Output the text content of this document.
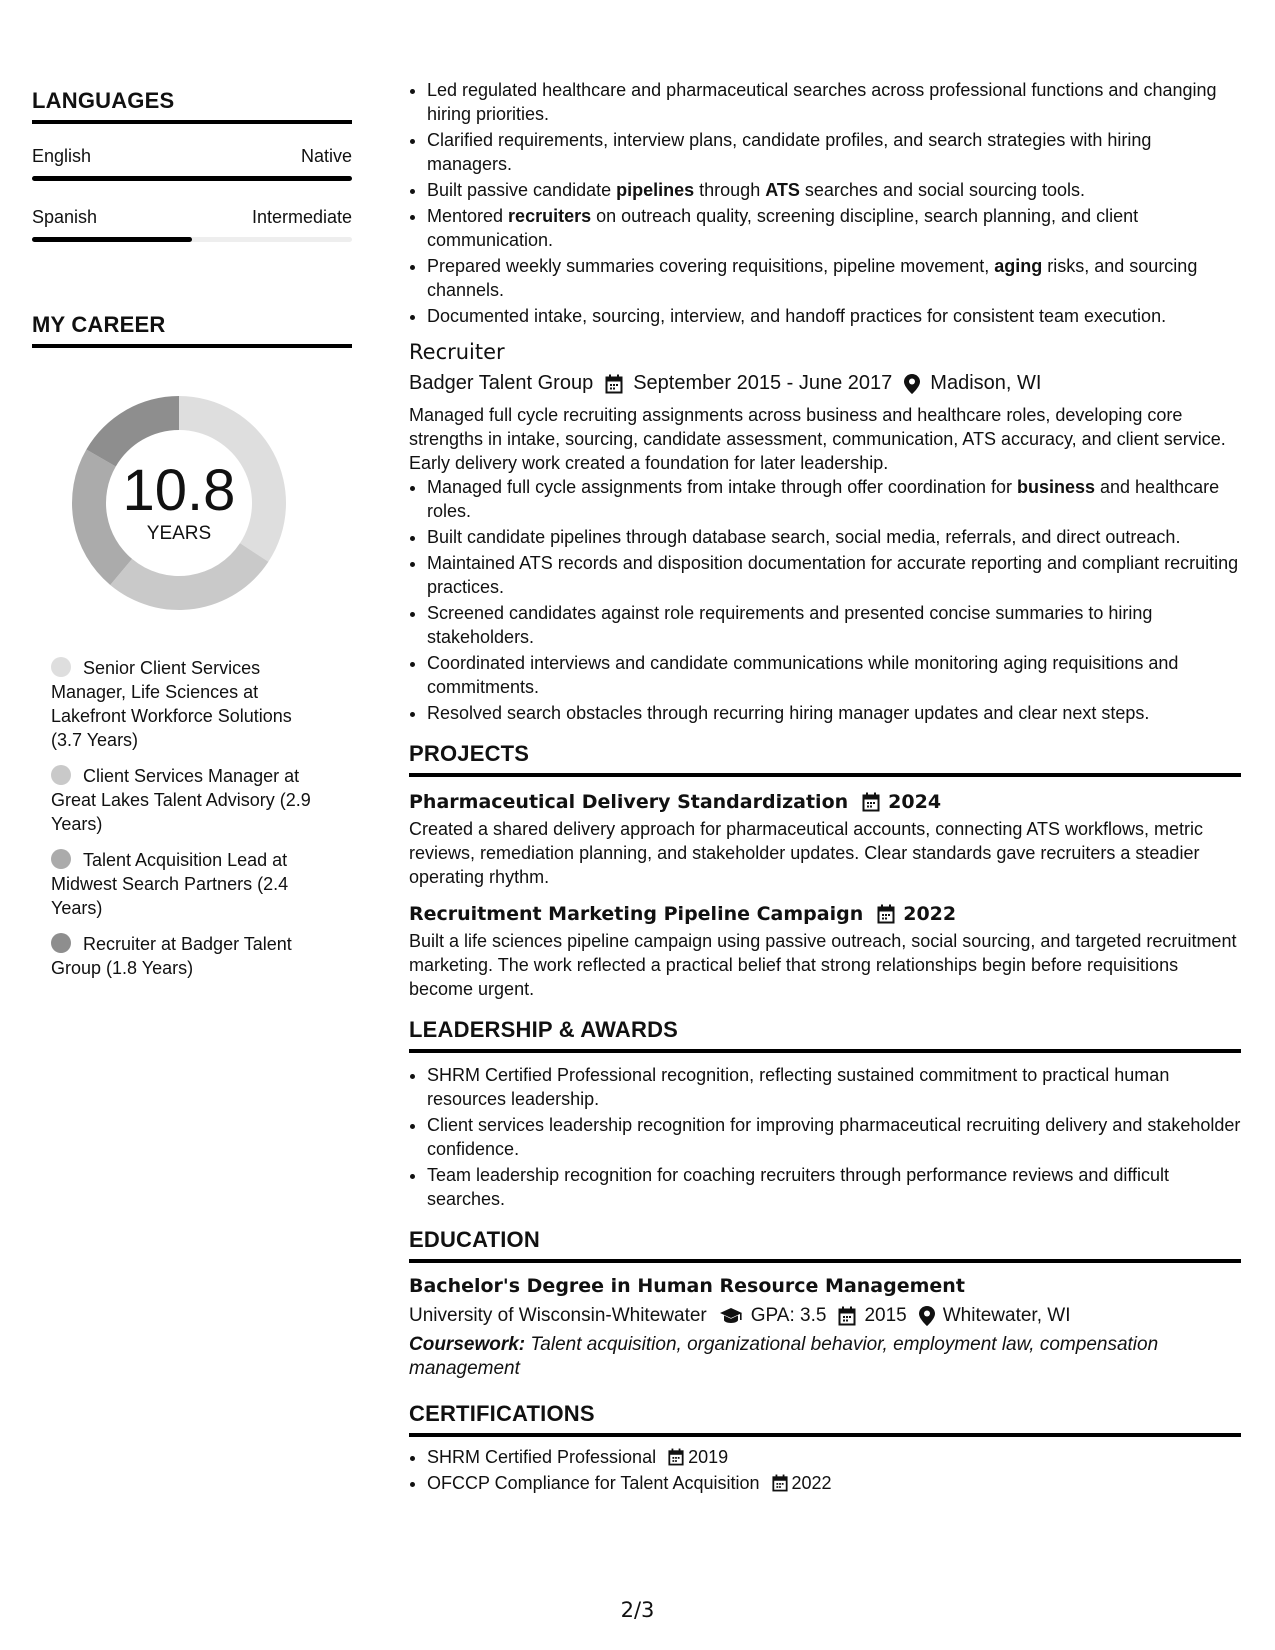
LANGUAGES
English	Native
Spanish	Intermediate
MY CAREER
10.8
YEARS
Senior Client Services Manager, Life Sciences at Lakefront Workforce Solutions (3.7 Years)
Client Services Manager at Great Lakes Talent Advisory (2.9 Years)
Talent Acquisition Lead at Midwest Search Partners (2.4 Years)
Recruiter at Badger Talent Group (1.8 Years)
• Led regulated healthcare and pharmaceutical searches across professional functions and changing hiring priorities.
• Clarified requirements, interview plans, candidate profiles, and search strategies with hiring managers.
• Built passive candidate pipelines through ATS searches and social sourcing tools.
• Mentored recruiters on outreach quality, screening discipline, search planning, and client communication.
• Prepared weekly summaries covering requisitions, pipeline movement, aging risks, and sourcing channels.
• Documented intake, sourcing, interview, and handoff practices for consistent team execution.
Recruiter
Badger Talent Group September 2015 - June 2017 Madison, WI
Managed full cycle recruiting assignments across business and healthcare roles, developing core strengths in intake, sourcing, candidate assessment, communication, ATS accuracy, and client service. Early delivery work created a foundation for later leadership.
• Managed full cycle assignments from intake through offer coordination for business and healthcare roles.
• Built candidate pipelines through database search, social media, referrals, and direct outreach.
• Maintained ATS records and disposition documentation for accurate reporting and compliant recruiting practices.
• Screened candidates against role requirements and presented concise summaries to hiring stakeholders.
• Coordinated interviews and candidate communications while monitoring aging requisitions and commitments.
• Resolved search obstacles through recurring hiring manager updates and clear next steps.
PROJECTS
Pharmaceutical Delivery Standardization 2024
Created a shared delivery approach for pharmaceutical accounts, connecting ATS workflows, metric reviews, remediation planning, and stakeholder updates. Clear standards gave recruiters a steadier operating rhythm.
Recruitment Marketing Pipeline Campaign 2022
Built a life sciences pipeline campaign using passive outreach, social sourcing, and targeted recruitment marketing. The work reflected a practical belief that strong relationships begin before requisitions become urgent.
LEADERSHIP & AWARDS
• SHRM Certified Professional recognition, reflecting sustained commitment to practical human resources leadership.
• Client services leadership recognition for improving pharmaceutical recruiting delivery and stakeholder confidence.
• Team leadership recognition for coaching recruiters through performance reviews and difficult searches.
EDUCATION
Bachelor's Degree in Human Resource Management
University of Wisconsin-Whitewater GPA: 3.5 2015 Whitewater, WI
Coursework: Talent acquisition, organizational behavior, employment law, compensation management
CERTIFICATIONS
• SHRM Certified Professional 2019
• OFCCP Compliance for Talent Acquisition 2022
2/3
